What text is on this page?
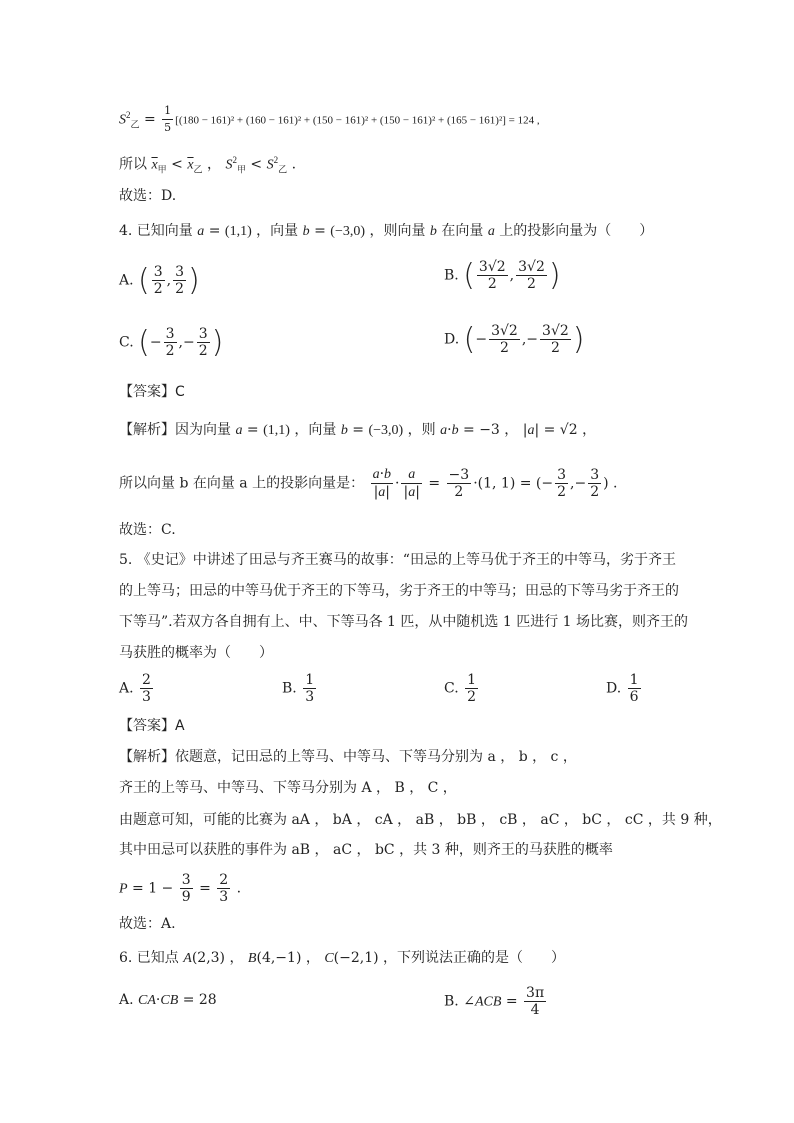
$S^2_乙 = \frac{1}{5} [(180 - 161)^2 + (160 - 161)^2 + (150 - 161)^2 + (150 - 161)^2 + (165 - 161)^2] = 124$ ,
所以 $\overline{x}_甲 < \overline{x}_乙$ ， $S^2_甲 < S^2_乙$ .
故选：D.
4. 已知向量 a = (1,1) ，向量 b = (−3,0) ，则向量 b 在向量 a 上的投影向量为（　　）
A. ( $\frac{3}{2}$ , $\frac{3}{2}$ )	B. ( $\frac{3√2}{2}$ , $\frac{3√2}{2}$ )
C. (− $\frac{3}{2}$ ,− $\frac{3}{2}$ )	D. (− $\frac{3√2}{2}$ ,− $\frac{3√2}{2}$ )
【答案】C
【解析】因为向量 a = (1,1) ，向量 b = (−3,0) ，则 a·b = −3 ， |a| = √2 ，
所以向量 b 在向量 a 上的投影向量是： $\frac{a\cdot b}{|a|} \cdot \frac{a}{|a|} = \frac{-3}{2} \cdot(1$, 1) = (− $\frac{3}{2}$ ,− $\frac{3}{2}$ ) .
故选：C.
5. 《史记》中讲述了田忌与齐王赛马的故事：“田忌的上等马优于齐王的中等马，劣于齐王
的上等马；田忌的中等马优于齐王的下等马，劣于齐王的中等马；田忌的下等马劣于齐王的
下等马”.若双方各自拥有上、中、下等马各 1 匹，从中随机选 1 匹进行 1 场比赛，则齐王的
马获胜的概率为（　　）
A. $\frac{2}{3}$	B. $\frac{1}{3}$	C. $\frac{1}{2}$	D. $\frac{1}{6}$
【答案】A
【解析】依题意，记田忌的上等马、中等马、下等马分别为 a ， b ， c ，
齐王的上等马、中等马、下等马分别为 A ， B ， C ，
由题意可知，可能的比赛为 aA ， bA ， cA ， aB ， bB ， cB ， aC ， bC ， cC ，共 9 种，
其中田忌可以获胜的事件为 aB ， aC ， bC ，共 3 种，则齐王的马获胜的概率
$P = 1 - \frac{3}{9} = \frac{2}{3}$ .
故选：A.
6. 已知点 A(2,3) ， B(4,−1) ， C(−2,1) ，下列说法正确的是（　　）
A. CA·CB = 28	B. ∠ACB = $\frac{3\pi}{4}$
